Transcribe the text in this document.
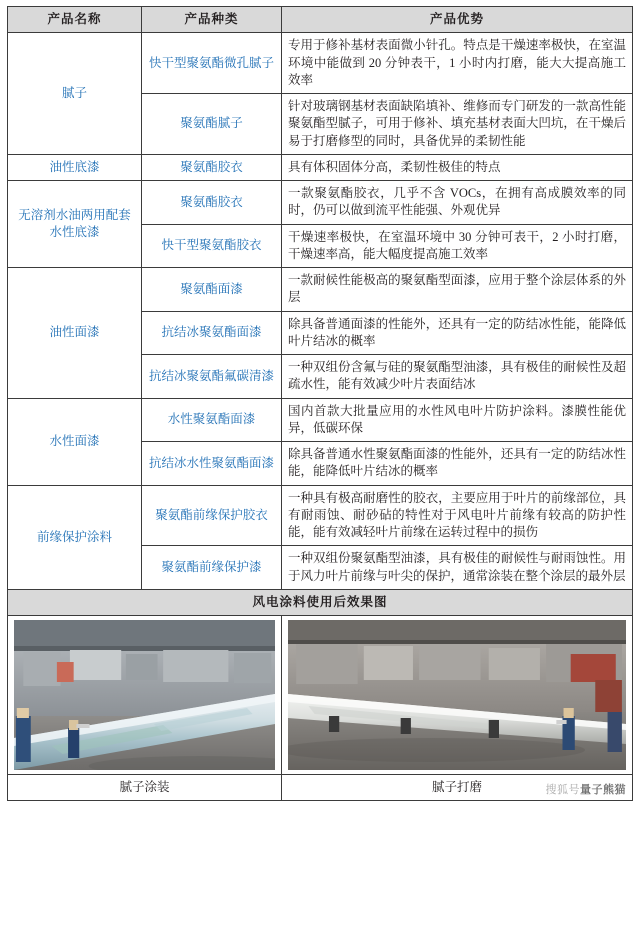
产品名称	产品种类	产品优势
腻子	快干型聚氨酯微孔腻子	专用于修补基材表面微小针孔。特点是干燥速率极快，在室温环境中能做到 20 分钟表干，1 小时内打磨，能大大提高施工效率
	聚氨酯腻子	针对玻璃钢基材表面缺陷填补、维修而专门研发的一款高性能聚氨酯型腻子，可用于修补、填充基材表面大凹坑，在干燥后易于打磨修型的同时，具备优异的柔韧性能
油性底漆	聚氨酯胶衣	具有体积固体分高，柔韧性极佳的特点
无溶剂水油两用配套水性底漆	聚氨酯胶衣	一款聚氨酯胶衣，几乎不含 VOCs，在拥有高成膜效率的同时，仍可以做到流平性能强、外观优异
	快干型聚氨酯胶衣	干燥速率极快，在室温环境中 30 分钟可表干，2 小时打磨，干燥速率高，能大幅度提高施工效率
油性面漆	聚氨酯面漆	一款耐候性能极高的聚氨酯型面漆，应用于整个涂层体系的外层
	抗结冰聚氨酯面漆	除具备普通面漆的性能外，还具有一定的防结冰性能，能降低叶片结冰的概率
	抗结冰聚氨酯氟碳清漆	一种双组份含氟与硅的聚氨酯型油漆，具有极佳的耐候性及超疏水性，能有效减少叶片表面结冰
水性面漆	水性聚氨酯面漆	国内首款大批量应用的水性风电叶片防护涂料。漆膜性能优异，低碳环保
	抗结冰水性聚氨酯面漆	除具备普通水性聚氨酯面漆的性能外，还具有一定的防结冰性能，能降低叶片结冰的概率
前缘保护涂料	聚氨酯前缘保护胶衣	一种具有极高耐磨性的胶衣，主要应用于叶片的前缘部位，具有耐雨蚀、耐砂砧的特性对于风电叶片前缘有较高的防护性能，能有效减轻叶片前缘在运转过程中的损伤
	聚氨酯前缘保护漆	一种双组份聚氨酯型油漆，具有极佳的耐候性与耐雨蚀性。用于风力叶片前缘与叶尖的保护，通常涂装在整个涂层的最外层
风电涂料使用后效果图		

腻子涂装		腻子打磨 搜狐号量子熊猫
